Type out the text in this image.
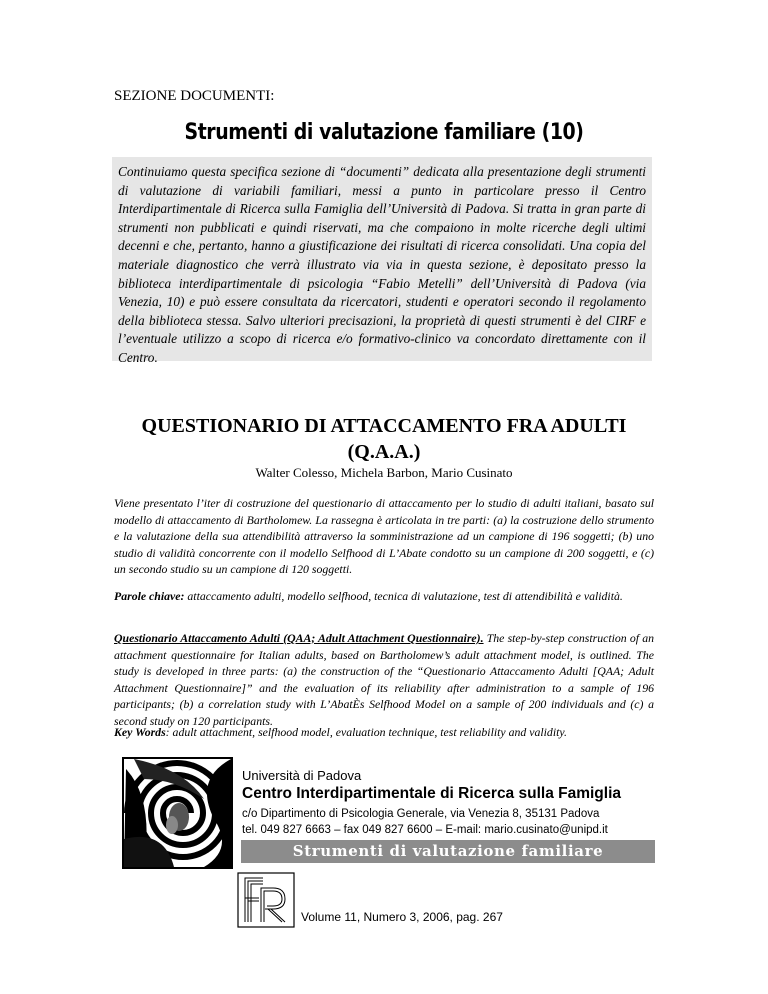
SEZIONE DOCUMENTI:
Strumenti di valutazione familiare (10)

Continuiamo questa specifica sezione di “documenti” dedicata alla presentazione degli strumenti di valutazione di variabili familiari, messi a punto in particolare presso il Centro Interdipartimentale di Ricerca sulla Famiglia dell’Università di Padova. Si tratta in gran parte di strumenti non pubblicati e quindi riservati, ma che compaiono in molte ricerche degli ultimi decenni e che, pertanto, hanno a giustificazione dei risultati di ricerca consolidati. Una copia del materiale diagnostico che verrà illustrato via via in questa sezione, è depositato presso la biblioteca interdipartimentale di psicologia “Fabio Metelli” dell’Università di Padova (via Venezia, 10) e può essere consultata da ricercatori, studenti e operatori secondo il regolamento della biblioteca stessa. Salvo ulteriori precisazioni, la proprietà di questi strumenti è del CIRF e l’eventuale utilizzo a scopo di ricerca e/o formativo-clinico va concordato direttamente con il Centro.

QUESTIONARIO DI ATTACCAMENTO FRA ADULTI
(Q.A.A.)
Walter Colesso, Michela Barbon, Mario Cusinato

Viene presentato l’iter di costruzione del questionario di attaccamento per lo studio di adulti italiani, basato sul modello di attaccamento di Bartholomew. La rassegna è articolata in tre parti: (a) la costruzione dello strumento e la valutazione della sua attendibilità attraverso la somministrazione ad un campione di 196 soggetti; (b) uno studio di validità concorrente con il modello Selfhood di L’Abate condotto su un campione di 200 soggetti, e (c) un secondo studio su un campione di 120 soggetti.

Parole chiave: attaccamento adulti, modello selfhood, tecnica di valutazione, test di attendibilità e validità.

Questionario Attaccamento Adulti (QAA; Adult Attachment Questionnaire). The step-by-step construction of an attachment questionnaire for Italian adults, based on Bartholomew’s adult attachment model, is outlined. The study is developed in three parts: (a) the construction of the “Questionario Attaccamento Adulti [QAA; Adult Attachment Questionnaire]” and the evaluation of its reliability after administration to a sample of 196 participants; (b) a correlation study with L’AbatÈs Selfhood Model on a sample of 200 individuals and (c) a second study on 120 participants.

Key Words: adult attachment, selfhood model, evaluation technique, test reliability and validity.

Università di Padova
Centro Interdipartimentale di Ricerca sulla Famiglia
c/o Dipartimento di Psicologia Generale, via Venezia 8, 35131 Padova
tel. 049 827 6663 – fax 049 827 6600 – E-mail: mario.cusinato@unipd.it
Strumenti di valutazione familiare
Volume 11, Numero 3, 2006, pag. 267
